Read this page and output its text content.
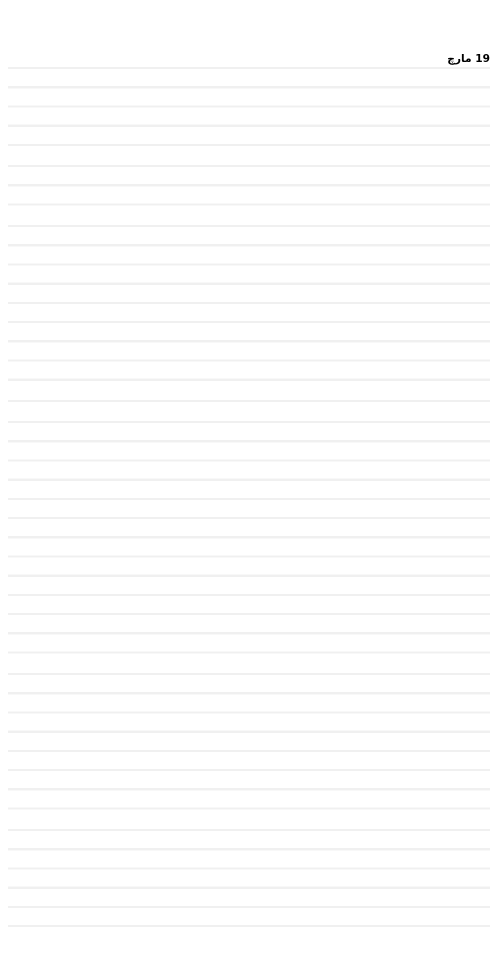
19 مارچ
